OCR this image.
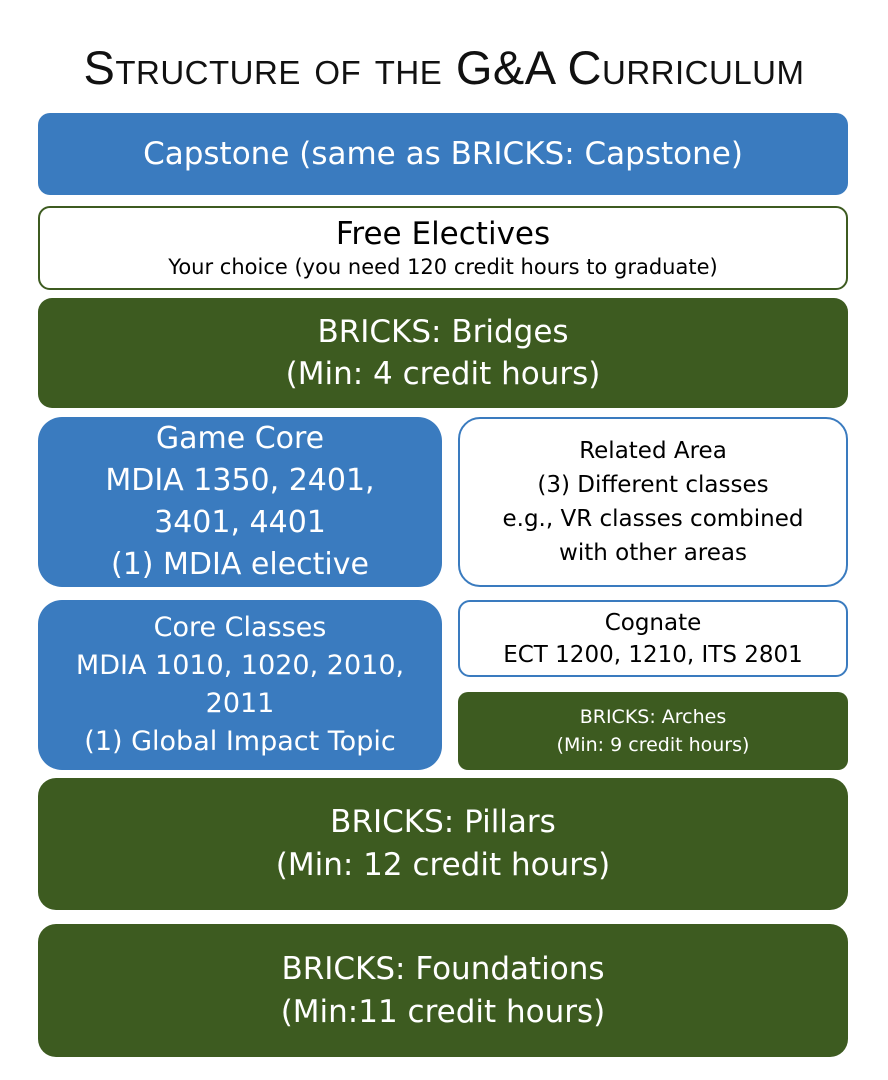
Structure of the G&A Curriculum
Capstone (same as BRICKS: Capstone)
Free Electives
Your choice (you need 120 credit hours to graduate)
BRICKS: Bridges
(Min: 4 credit hours)
Game Core
MDIA 1350, 2401,
3401, 4401
(1) MDIA elective
Related Area
(3) Different classes
e.g., VR classes combined
with other areas
Core Classes
MDIA 1010, 1020, 2010,
2011
(1) Global Impact Topic
Cognate
ECT 1200, 1210, ITS 2801
BRICKS: Arches
(Min: 9 credit hours)
BRICKS: Pillars
(Min: 12 credit hours)
BRICKS: Foundations
(Min:11 credit hours)
